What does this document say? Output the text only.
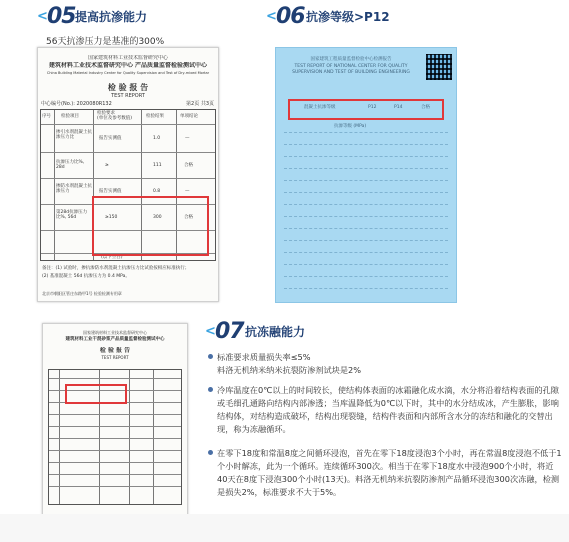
< 05 提高抗渗能力
56天抗渗压力是基准的300%
< 06 抗渗等级>P12
国家建筑材料工业技术监督研究中心
建筑材料工业技术监督研究中心 产品质量监督检验测试中心
China Building Material Industry Center for Quality Supervision and Test of Dry-mixed Mortar
检 验 报 告
TEST REPORT
中心编号(No.): 2020080R132	第2页 共3页
序号 检验项目
检验要求
(单位及参考数值)	检验结果	单项结论
掺引水剂混凝土抗渗压力比	报告实测值	1.0	—
抗渗压力比%, 28d	≥	111	合格
掺防水剂混凝土抗渗压力	报告实测值	0.8	—
第28d抗渗压力比%, 56d	≥150	300	合格
(以下空白)
备注：(1) 试验时，掺抗渗防水剂混凝土抗渗压力比试验按相应标准执行；
(2) 基准混凝土 56d 抗渗压力为 0.4 MPa。
北京市朝阳区管庄东路甲1号 检验检测专用章
国家建筑工程质量监督检验中心检测报告
TEST REPORT OF NATIONAL CENTER FOR QUALITY
SUPERVISION AND TEST OF BUILDING ENGINEERING
混凝土抗渗等级	P12	P14	合格
抗渗等级 (MPa)
国家建筑材料工业技术监督研究中心
建筑材料工业干混砂浆产品质量监督检验测试中心
检 验 报 告
TEST REPORT
< 07 抗冻融能力
标准要求质量损失率≤5%
料洛无机纳米纳米抗裂防渗剂试块是2%
冷库温度在0℃以上的时间较长，使结构体表面的冰霜融化成水滴，水分将沿着结构表面的孔隙或毛细孔通路向结构内部渗透；当库温降低为0℃以下时，其中的水分结成冰，产生膨胀，影响结构体，对结构造成破坏，结构出现裂缝，结构件表面和内部所含水分的冻结和融化的交替出现，称为冻融循环。
在零下18度和常温8度之间循环浸泡，首先在零下18度浸泡3个小时，再在常温8度浸泡不低于1个小时解冻，此为一个循环。连续循环300次。相当于在零下18度水中浸泡900个小时，将近40天在8度下浸泡300个小时(13天)。料洛无机纳米抗裂防渗剂产品循环浸泡300次冻融，检测是损失2%，标准要求不大于5%。
